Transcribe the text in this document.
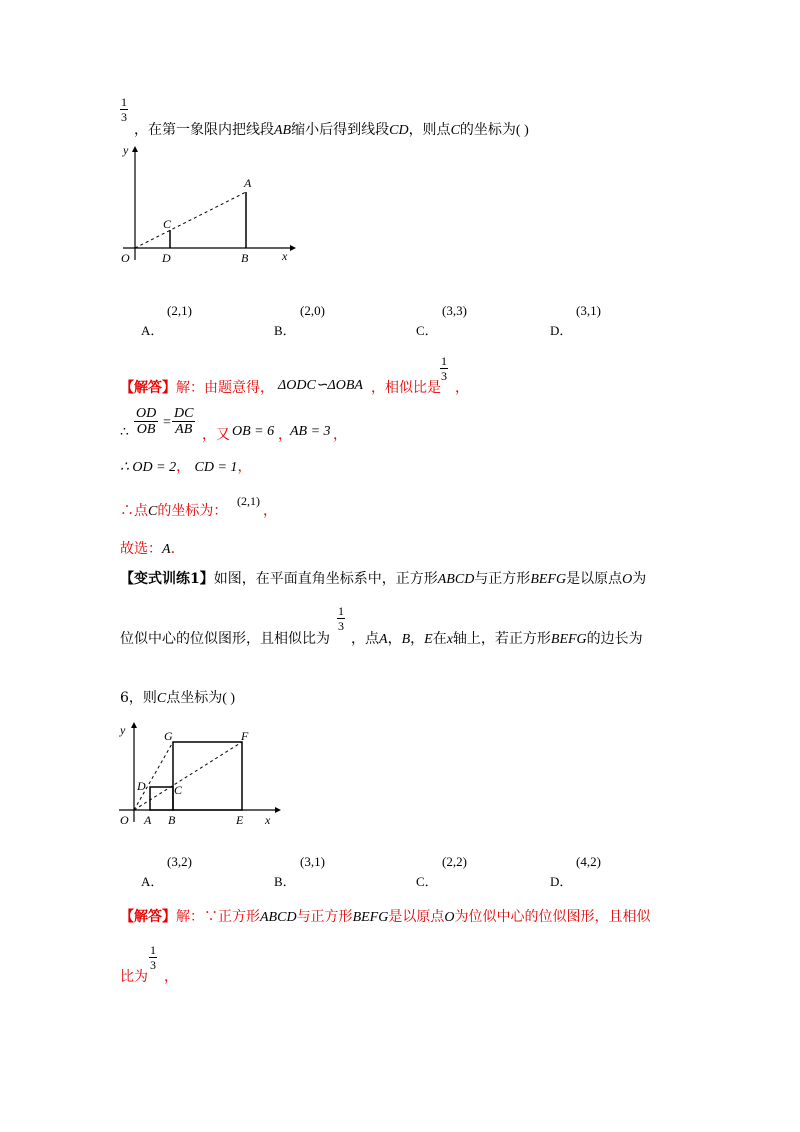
$\frac{1}{3}$
，在第一象限内把线段AB缩小后得到线段CD，则点C的坐标为( )
y
x
O	D	B
C
A
(2,1)
A．
(2,0)
B．
(3,3)
C．
(3,1)
D．
【解答】解：由题意得， ΔODC∽ΔOBA ，相似比是
$\frac{1}{3}$
，
∴ $\frac{OD}{OB} = \frac{DC}{AB}$ ，又 OB = 6 ，
AB = 3 ，
∴ OD = 2， CD = 1，
∴点C的坐标为：
(2,1)
，
故选：A．
【变式训练1】如图，在平面直角坐标系中，正方形ABCD与正方形BEFG是以原点O为
位似中心的位似图形，且相似比为
$\frac{1}{3}$
，点A，B，E在x轴上，若正方形BEFG的边长为
6，则C点坐标为( )
y
x
O A B	E
D C
G	F
(3,2)
A．
(3,1)
B．
(2,2)
C．
(4,2)
D．
【解答】解：∵正方形ABCD与正方形BEFG是以原点O为位似中心的位似图形，且相似
比为
$\frac{1}{3}$
，
